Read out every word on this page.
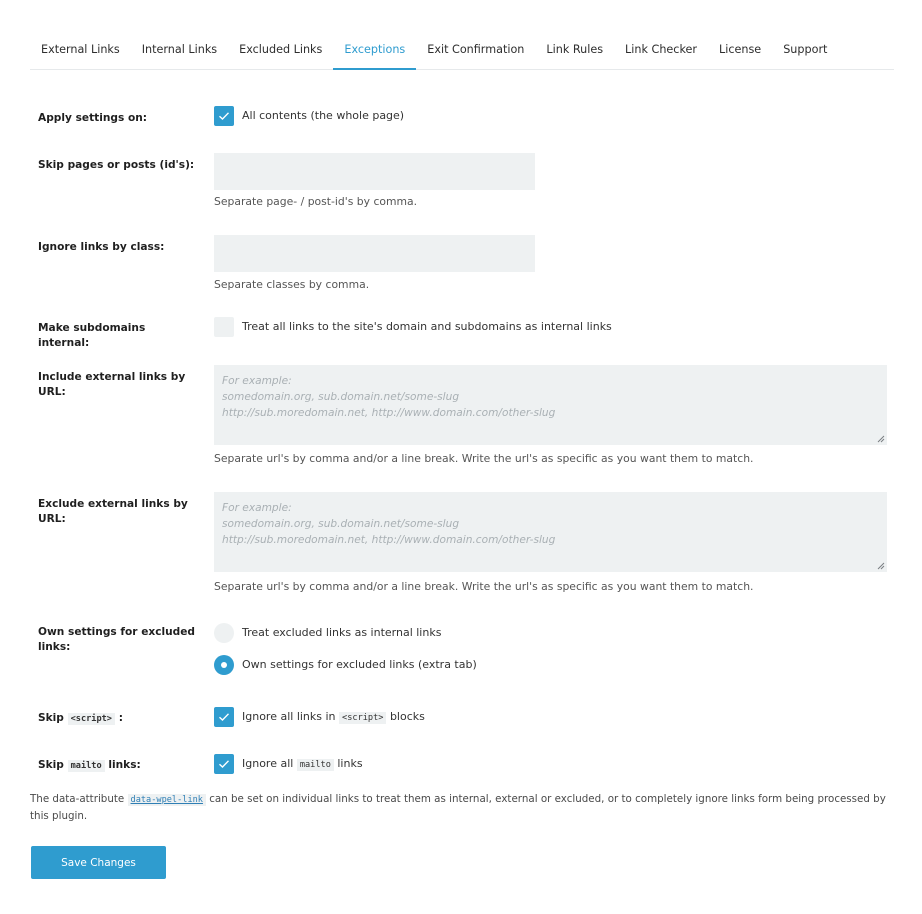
External Links	Internal Links	Excluded Links	Exceptions	Exit Confirmation	Link Rules	Link Checker	License	Support
Apply settings on:	All contents (the whole page)
Skip pages or posts (id's):
Separate page- / post-id's by comma.
Ignore links by class:
Separate classes by comma.
Make subdomains internal:
Treat all links to the site's domain and subdomains as internal links
Include external links by URL:
For example:
somedomain.org, sub.domain.net/some-slug
http://sub.moredomain.net, http://www.domain.com/other-slug
Separate url's by comma and/or a line break. Write the url's as specific as you want them to match.
Exclude external links by URL:
For example:
somedomain.org, sub.domain.net/some-slug
http://sub.moredomain.net, http://www.domain.com/other-slug
Separate url's by comma and/or a line break. Write the url's as specific as you want them to match.
Own settings for excluded links:
Treat excluded links as internal links
Own settings for excluded links (extra tab)
Skip <script> :	Ignore all links in <script> blocks
Skip mailto links:	Ignore all mailto links
The data-attribute data-wpel-link can be set on individual links to treat them as internal, external or excluded, or to completely ignore links form being processed by this plugin.
Save Changes
